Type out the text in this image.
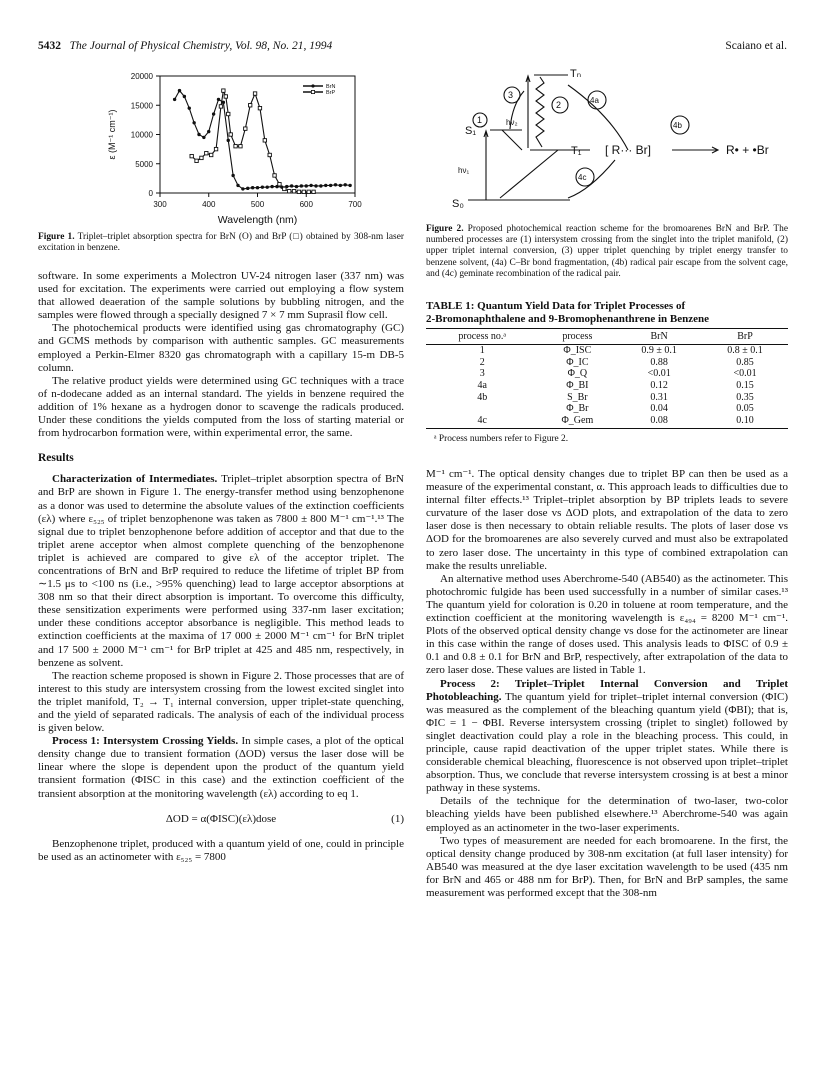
5432 The Journal of Physical Chemistry, Vol. 98, No. 21, 1994	Scaiano et al.
300	400	500	600	700
0
5000
10000
15000
20000
ε (M⁻¹ cm⁻¹)
Wavelength (nm)
BrN
BrP
Figure 1. Triplet–triplet absorption spectra for BrN (O) and BrP (□) obtained by 308-nm laser excitation in benzene.
S₁
S₀
Tₙ
T₁
hν₁
hν₂
3
1
2	4a
4b
4c
[ R··· Br]	R• + •Br
Figure 2. Proposed photochemical reaction scheme for the bromoarenes BrN and BrP. The numbered processes are (1) intersystem crossing from the singlet into the triplet manifold, (2) upper triplet internal conversion, (3) upper triplet quenching by triplet energy transfer to benzene solvent, (4a) C–Br bond fragmentation, (4b) radical pair escape from the solvent cage, and (4c) geminate recombination of the radical pair.
TABLE 1: Quantum Yield Data for Triplet Processes of
2-Bromonaphthalene and 9-Bromophenanthrene in Benzene
process no.ᵃ	process	BrN	BrP
1	Φ_ISC	0.9 ± 0.1	0.8 ± 0.1
2	Φ_IC	0.88	0.85
3	Φ_Q	<0.01	<0.01
4a	Φ_BI	0.12	0.15
4b	S_Br	0.31	0.35
	Φ_Br	0.04	0.05
4c	Φ_Gem	0.08	0.10
ᵃ Process numbers refer to Figure 2.

software. In some experiments a Molectron UV-24 nitrogen laser (337 nm) was used for excitation. The experiments were carried out employing a flow system that allowed deaeration of the sample solutions by bubbling nitrogen, and the samples were flowed through a specially designed 7 × 7 mm Suprasil flow cell.

The photochemical products were identified using gas chromatography (GC) and GCMS methods by comparison with authentic samples. GC measurements employed a Perkin-Elmer 8320 gas chromatograph with a capillary 15-m DB-5 column.

The relative product yields were determined using GC techniques with a trace of n-dodecane added as an internal standard. The yields in benzene required the addition of 1% hexane as a hydrogen donor to scavenge the radicals produced. Under these conditions the yields computed from the loss of starting material or from hydrocarbon formation were, within experimental error, the same.

Results

Characterization of Intermediates. Triplet–triplet absorption spectra of BrN and BrP are shown in Figure 1. The energy-transfer method using benzophenone as a donor was used to determine the absolute values of the extinction coefficients (ελ) where ε₅₂₅ of triplet benzophenone was taken as 7800 ± 800 M⁻¹ cm⁻¹.¹³ The signal due to triplet benzophenone before addition of acceptor and that due to the triplet arene acceptor when almost complete quenching of the benzophenone triplet is achieved are compared to give ελ of the acceptor triplet. The concentrations of BrN and BrP required to reduce the lifetime of triplet BP from ∼1.5 μs to <100 ns (i.e., >95% quenching) lead to large acceptor absorptions at 308 nm so that their direct absorption is important. To overcome this difficulty, these sensitization experiments were performed using 337-nm laser excitation; under these conditions acceptor absorbance is negligible. This method leads to extinction coefficients at the maxima of 17 000 ± 2000 M⁻¹ cm⁻¹ for BrN triplet and 17 500 ± 2000 M⁻¹ cm⁻¹ for BrP triplet at 425 and 485 nm, respectively, in benzene as solvent.

The reaction scheme proposed is shown in Figure 2. Those processes that are of interest to this study are intersystem crossing from the lowest excited singlet into the triplet manifold, T₂ → T₁ internal conversion, upper triplet-state quenching, and the yield of separated radicals. The analysis of each of the individual process is given below.

Process 1: Intersystem Crossing Yields. In simple cases, a plot of the optical density change due to transient formation (ΔOD) versus the laser dose will be linear where the slope is dependent upon the product of the quantum yield transient formation (ΦISC in this case) and the extinction coefficient of the transient absorption at the monitoring wavelength (ελ) according to eq 1.

ΔOD = α(ΦISC)(ελ)dose	(1)

Benzophenone triplet, produced with a quantum yield of one, could in principle be used as an actinometer with ε₅₂₅ = 7800

M⁻¹ cm⁻¹. The optical density changes due to triplet BP can then be used as a measure of the experimental constant, α. This approach leads to difficulties due to internal filter effects.¹³ Triplet–triplet absorption by BP triplets leads to severe curvature of the laser dose vs ΔOD plots, and extrapolation of the data to zero laser dose is then necessary to obtain reliable results. The plots of laser dose vs ΔOD for the bromoarenes are also severely curved and must also be extrapolated to zero laser dose. The uncertainty in this type of combined extrapolation can make the results unreliable.

An alternative method uses Aberchrome-540 (AB540) as the actinometer. This photochromic fulgide has been used successfully in a number of similar cases.¹³ The quantum yield for coloration is 0.20 in toluene at room temperature, and the extinction coefficient at the monitoring wavelength is ε₄₉₄ = 8200 M⁻¹ cm⁻¹. Plots of the observed optical density change vs dose for the actinometer are linear in this case within the range of doses used. This analysis leads to ΦISC of 0.9 ± 0.1 and 0.8 ± 0.1 for BrN and BrP, respectively, after extrapolation of the data to zero laser dose. These values are listed in Table 1.

Process 2: Triplet–Triplet Internal Conversion and Triplet Photobleaching. The quantum yield for triplet–triplet internal conversion (ΦIC) was measured as the complement of the bleaching quantum yield (ΦBI); that is, ΦIC = 1 − ΦBI. Reverse intersystem crossing (triplet to singlet) followed by singlet deactivation could play a role in the bleaching process. This could, in principle, cause rapid deactivation of the upper triplet states. While there is considerable chemical bleaching, fluorescence is not observed upon triplet–triplet absorption. Thus, we conclude that reverse intersystem crossing is at best a minor pathway in these systems.

Details of the technique for the determination of two-laser, two-color bleaching yields have been published elsewhere.¹³ Aberchrome-540 was again employed as an actinometer in the two-laser experiments.

Two types of measurement are needed for each bromoarene. In the first, the optical density change produced by 308-nm excitation (at full laser intensity) for AB540 was measured at the dye laser excitation wavelength to be used (435 nm for BrN and 465 or 488 nm for BrP). Then, for BrN and BrP samples, the same measurement was performed except that the 308-nm
